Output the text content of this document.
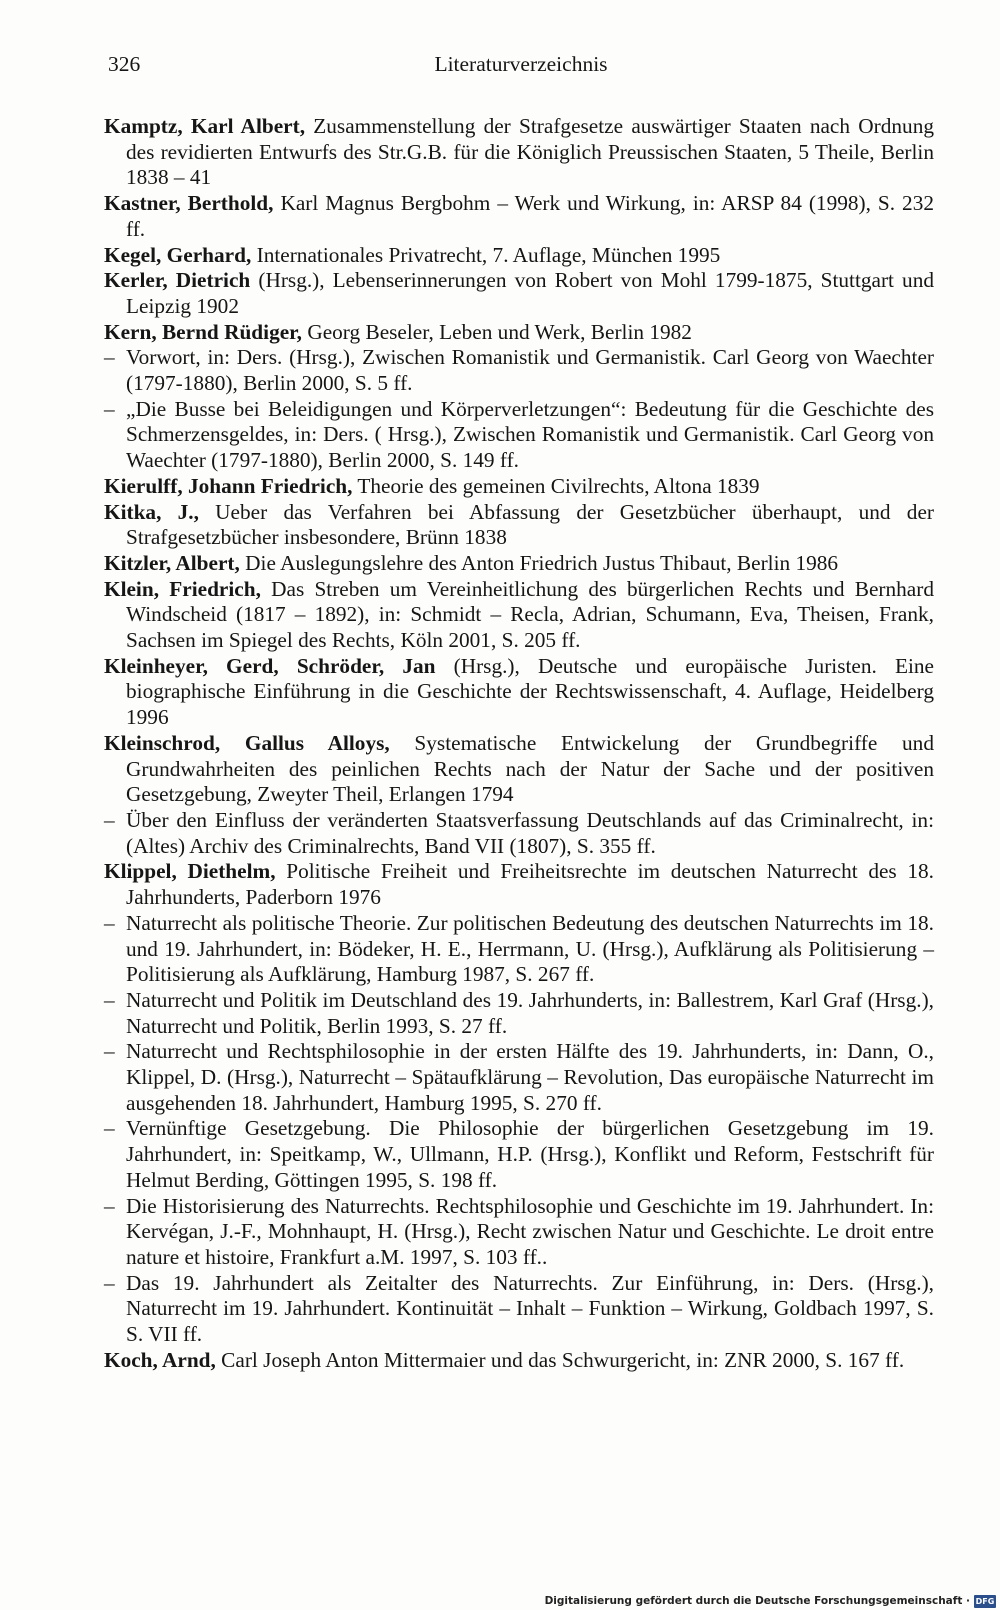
326	Literaturverzeichnis

Kamptz, Karl Albert, Zusammenstellung der Strafgesetze auswärtiger Staaten nach Ordnung des revidierten Entwurfs des Str.G.B. für die Königlich Preussischen Staaten, 5 Theile, Berlin 1838 – 41

Kastner, Berthold, Karl Magnus Bergbohm – Werk und Wirkung, in: ARSP 84 (1998), S. 232 ff.

Kegel, Gerhard, Internationales Privatrecht, 7. Auflage, München 1995

Kerler, Dietrich (Hrsg.), Lebenserinnerungen von Robert von Mohl 1799-1875, Stuttgart und Leipzig 1902

Kern, Bernd Rüdiger, Georg Beseler, Leben und Werk, Berlin 1982

– Vorwort, in: Ders. (Hrsg.), Zwischen Romanistik und Germanistik. Carl Georg von Waechter (1797-1880), Berlin 2000, S. 5 ff.

– „Die Busse bei Beleidigungen und Körperverletzungen“: Bedeutung für die Geschichte des Schmerzensgeldes, in: Ders. ( Hrsg.), Zwischen Romanistik und Germanistik. Carl Georg von Waechter (1797-1880), Berlin 2000, S. 149 ff.

Kierulff, Johann Friedrich, Theorie des gemeinen Civilrechts, Altona 1839

Kitka, J., Ueber das Verfahren bei Abfassung der Gesetzbücher überhaupt, und der Strafgesetzbücher insbesondere, Brünn 1838

Kitzler, Albert, Die Auslegungslehre des Anton Friedrich Justus Thibaut, Berlin 1986

Klein, Friedrich, Das Streben um Vereinheitlichung des bürgerlichen Rechts und Bernhard Windscheid (1817 – 1892), in: Schmidt – Recla, Adrian, Schumann, Eva, Theisen, Frank, Sachsen im Spiegel des Rechts, Köln 2001, S. 205 ff.

Kleinheyer, Gerd, Schröder, Jan (Hrsg.), Deutsche und europäische Juristen. Eine biographische Einführung in die Geschichte der Rechtswissenschaft, 4. Auflage, Heidelberg 1996

Kleinschrod, Gallus Alloys, Systematische Entwickelung der Grundbegriffe und Grundwahrheiten des peinlichen Rechts nach der Natur der Sache und der positiven Gesetzgebung, Zweyter Theil, Erlangen 1794

– Über den Einfluss der veränderten Staatsverfassung Deutschlands auf das Criminalrecht, in: (Altes) Archiv des Criminalrechts, Band VII (1807), S. 355 ff.

Klippel, Diethelm, Politische Freiheit und Freiheitsrechte im deutschen Naturrecht des 18. Jahrhunderts, Paderborn 1976

– Naturrecht als politische Theorie. Zur politischen Bedeutung des deutschen Naturrechts im 18. und 19. Jahrhundert, in: Bödeker, H. E., Herrmann, U. (Hrsg.), Aufklärung als Politisierung – Politisierung als Aufklärung, Hamburg 1987, S. 267 ff.

– Naturrecht und Politik im Deutschland des 19. Jahrhunderts, in: Ballestrem, Karl Graf (Hrsg.), Naturrecht und Politik, Berlin 1993, S. 27 ff.

– Naturrecht und Rechtsphilosophie in der ersten Hälfte des 19. Jahrhunderts, in: Dann, O., Klippel, D. (Hrsg.), Naturrecht – Spätaufklärung – Revolution, Das europäische Naturrecht im ausgehenden 18. Jahrhundert, Hamburg 1995, S. 270 ff.

– Vernünftige Gesetzgebung. Die Philosophie der bürgerlichen Gesetzgebung im 19. Jahrhundert, in: Speitkamp, W., Ullmann, H.P. (Hrsg.), Konflikt und Reform, Festschrift für Helmut Berding, Göttingen 1995, S. 198 ff.

– Die Historisierung des Naturrechts. Rechtsphilosophie und Geschichte im 19. Jahrhundert. In: Kervégan, J.-F., Mohnhaupt, H. (Hrsg.), Recht zwischen Natur und Geschichte. Le droit entre nature et histoire, Frankfurt a.M. 1997, S. 103 ff..

– Das 19. Jahrhundert als Zeitalter des Naturrechts. Zur Einführung, in: Ders. (Hrsg.), Naturrecht im 19. Jahrhundert. Kontinuität – Inhalt – Funktion – Wirkung, Goldbach 1997, S. S. VII ff.

Koch, Arnd, Carl Joseph Anton Mittermaier und das Schwurgericht, in: ZNR 2000, S. 167 ff.

Digitalisierung gefördert durch die Deutsche Forschungsgemeinschaft · DFG
